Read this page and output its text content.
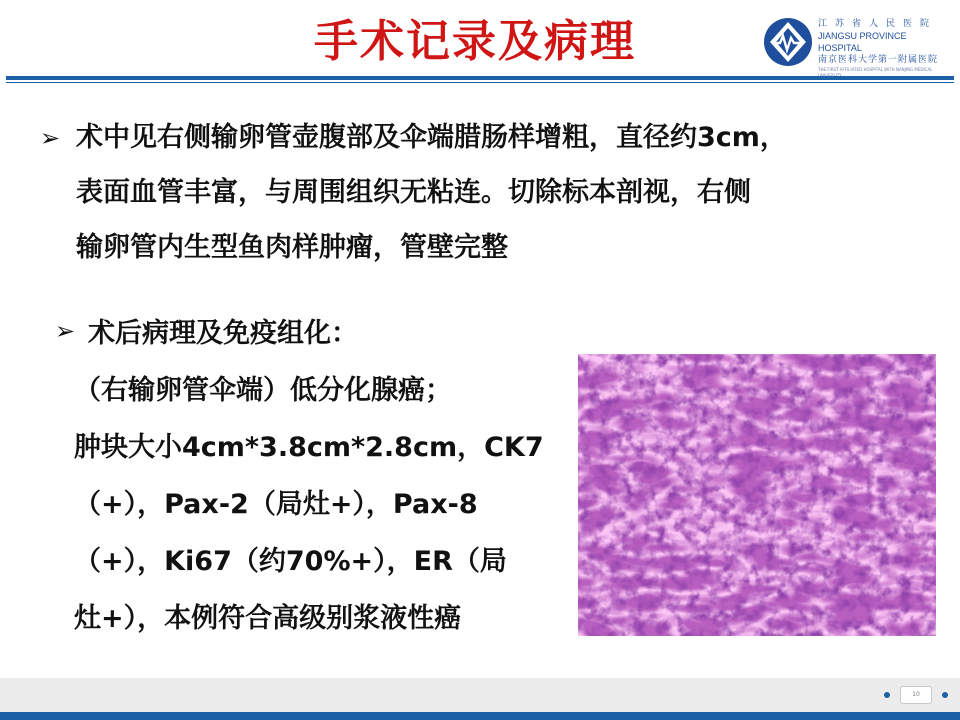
手术记录及病理	江苏省人民医院
JIANGSU PROVINCE HOSPITAL
南京医科大学第一附属医院
THE FIRST AFFILIATED HOSPITAL WITH NANJING MEDICAL
➢ 术中见右侧输卵管壶腹部及伞端腊肠样增粗，直径约3cm，
表面血管丰富，与周围组织无粘连。切除标本剖视，右侧
输卵管内生型鱼肉样肿瘤，管壁完整
➢ 术后病理及免疫组化：
（右输卵管伞端）低分化腺癌；
肿块大小4cm*3.8cm*2.8cm，CK7
（+），Pax-2（局灶+），Pax-8
（+），Ki67（约70%+），ER（局
灶+），本例符合高级别浆液性癌
10
